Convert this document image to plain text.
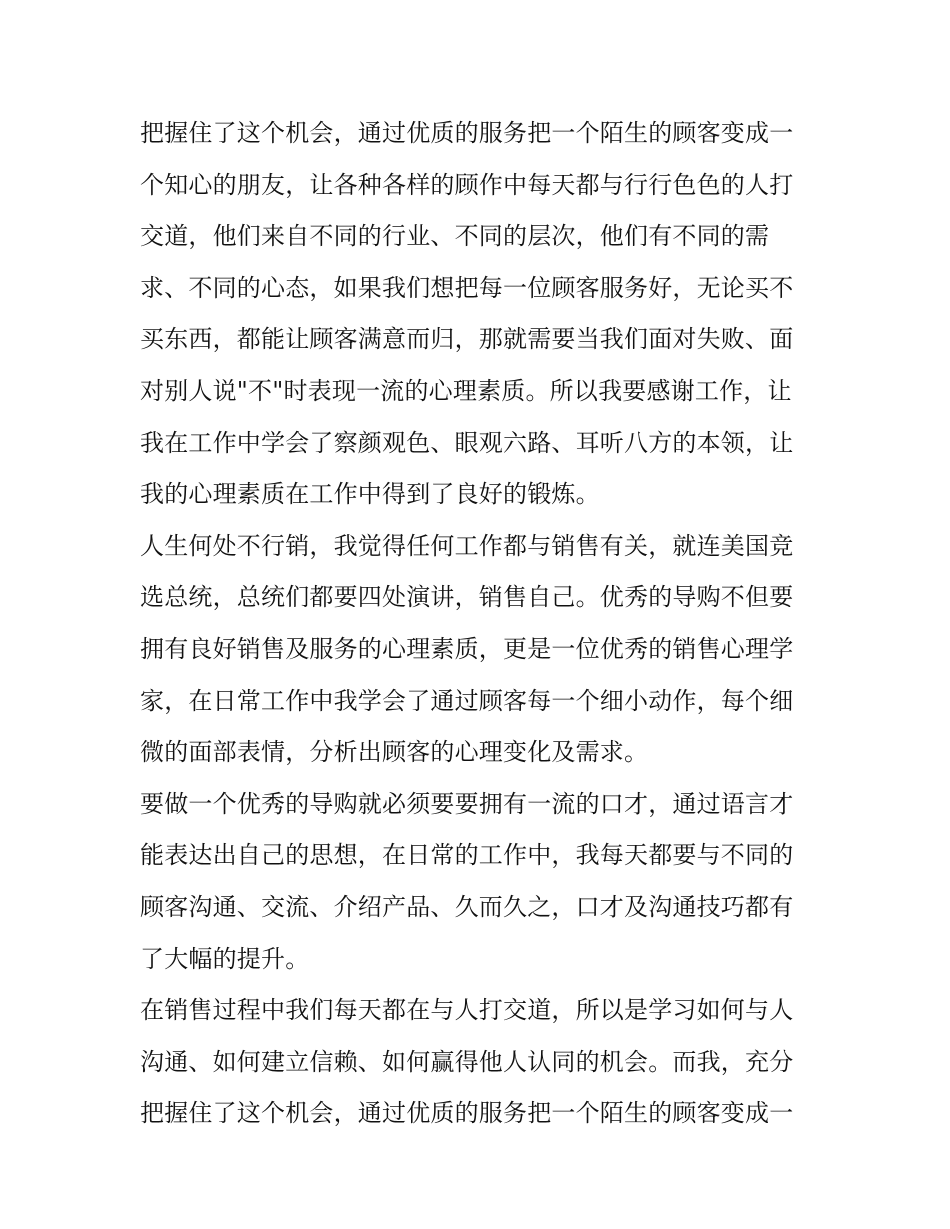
把握住了这个机会，通过优质的服务把一个陌生的顾客变成一
个知心的朋友，让各种各样的顾作中每天都与行行色色的人打
交道，他们来自不同的行业、不同的层次，他们有不同的需
求、不同的心态，如果我们想把每一位顾客服务好，无论买不
买东西，都能让顾客满意而归，那就需要当我们面对失败、面
对别人说"不"时表现一流的心理素质。所以我要感谢工作，让
我在工作中学会了察颜观色、眼观六路、耳听八方的本领，让
我的心理素质在工作中得到了良好的锻炼。
人生何处不行销，我觉得任何工作都与销售有关，就连美国竞
选总统，总统们都要四处演讲，销售自己。优秀的导购不但要
拥有良好销售及服务的心理素质，更是一位优秀的销售心理学
家，在日常工作中我学会了通过顾客每一个细小动作，每个细
微的面部表情，分析出顾客的心理变化及需求。
要做一个优秀的导购就必须要要拥有一流的口才，通过语言才
能表达出自己的思想，在日常的工作中，我每天都要与不同的
顾客沟通、交流、介绍产品、久而久之，口才及沟通技巧都有
了大幅的提升。
在销售过程中我们每天都在与人打交道，所以是学习如何与人
沟通、如何建立信赖、如何赢得他人认同的机会。而我，充分
把握住了这个机会，通过优质的服务把一个陌生的顾客变成一
